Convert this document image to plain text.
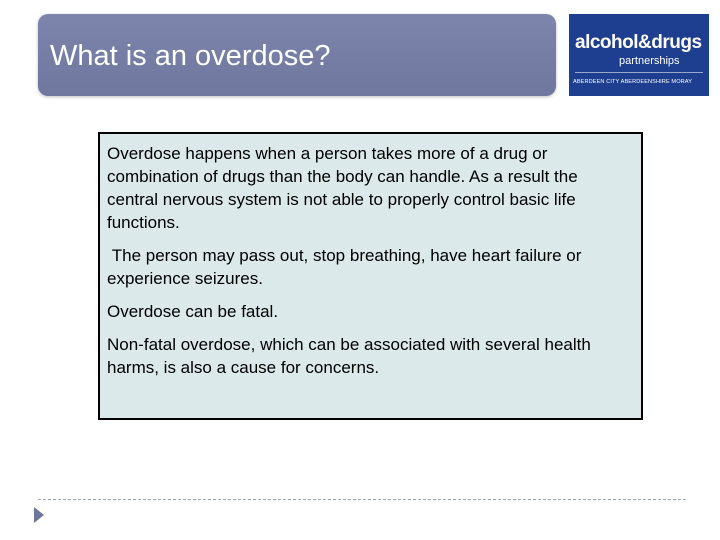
What is an overdose?	alcohol&drugs
partnerships
ABERDEEN CITY ABERDEENSHIRE MORAY

Overdose happens when a person takes more of a drug or combination of drugs than the body can handle. As a result the central nervous system is not able to properly control basic life functions.

The person may pass out, stop breathing, have heart failure or experience seizures.

Overdose can be fatal.

Non-fatal overdose, which can be associated with several health harms, is also a cause for concerns.
